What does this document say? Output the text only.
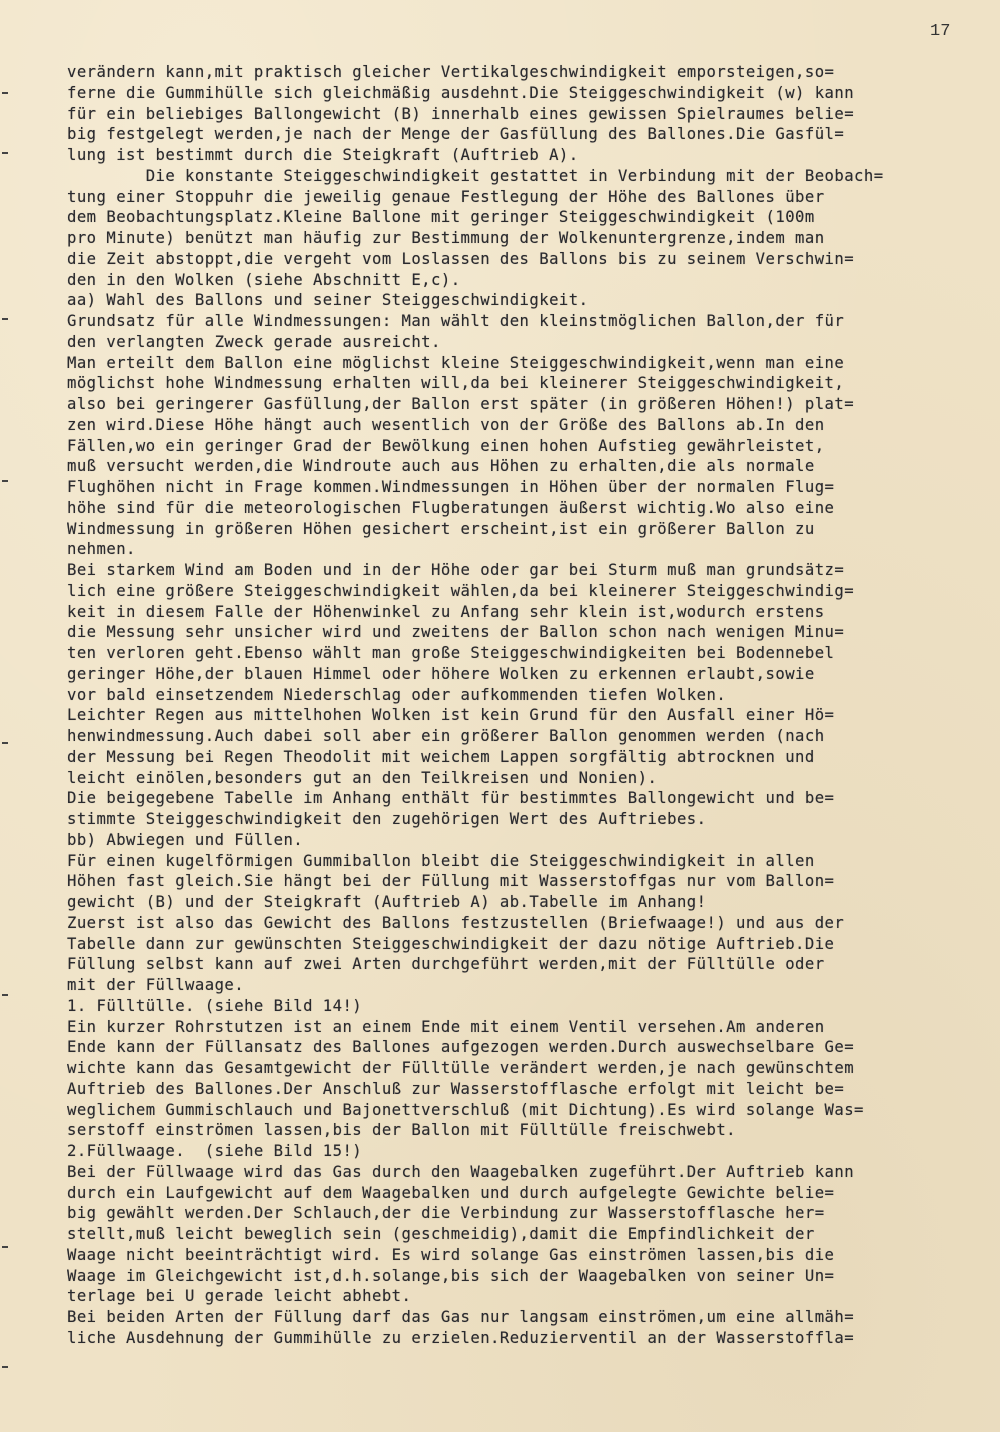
17
verändern kann,mit praktisch gleicher Vertikalgeschwindigkeit emporsteigen,so=
ferne die Gummihülle sich gleichmäßig ausdehnt.Die Steiggeschwindigkeit (w) kann
für ein beliebiges Ballongewicht (B) innerhalb eines gewissen Spielraumes belie=
big festgelegt werden,je nach der Menge der Gasfüllung des Ballones.Die Gasfül=
lung ist bestimmt durch die Steigkraft (Auftrieb A).
Die konstante Steiggeschwindigkeit gestattet in Verbindung mit der Beobach=
tung einer Stoppuhr die jeweilig genaue Festlegung der Höhe des Ballones über
dem Beobachtungsplatz.Kleine Ballone mit geringer Steiggeschwindigkeit (100m
pro Minute) benützt man häufig zur Bestimmung der Wolkenuntergrenze,indem man
die Zeit abstoppt,die vergeht vom Loslassen des Ballons bis zu seinem Verschwin=
den in den Wolken (siehe Abschnitt E,c).
aa) Wahl des Ballons und seiner Steiggeschwindigkeit.
Grundsatz für alle Windmessungen: Man wählt den kleinstmöglichen Ballon,der für
den verlangten Zweck gerade ausreicht.
Man erteilt dem Ballon eine möglichst kleine Steiggeschwindigkeit,wenn man eine
möglichst hohe Windmessung erhalten will,da bei kleinerer Steiggeschwindigkeit,
also bei geringerer Gasfüllung,der Ballon erst später (in größeren Höhen!) plat=
zen wird.Diese Höhe hängt auch wesentlich von der Größe des Ballons ab.In den
Fällen,wo ein geringer Grad der Bewölkung einen hohen Aufstieg gewährleistet,
muß versucht werden,die Windroute auch aus Höhen zu erhalten,die als normale
Flughöhen nicht in Frage kommen.Windmessungen in Höhen über der normalen Flug=
höhe sind für die meteorologischen Flugberatungen äußerst wichtig.Wo also eine
Windmessung in größeren Höhen gesichert erscheint,ist ein größerer Ballon zu
nehmen.
Bei starkem Wind am Boden und in der Höhe oder gar bei Sturm muß man grundsätz=
lich eine größere Steiggeschwindigkeit wählen,da bei kleinerer Steiggeschwindig=
keit in diesem Falle der Höhenwinkel zu Anfang sehr klein ist,wodurch erstens
die Messung sehr unsicher wird und zweitens der Ballon schon nach wenigen Minu=
ten verloren geht.Ebenso wählt man große Steiggeschwindigkeiten bei Bodennebel
geringer Höhe,der blauen Himmel oder höhere Wolken zu erkennen erlaubt,sowie
vor bald einsetzendem Niederschlag oder aufkommenden tiefen Wolken.
Leichter Regen aus mittelhohen Wolken ist kein Grund für den Ausfall einer Hö=
henwindmessung.Auch dabei soll aber ein größerer Ballon genommen werden (nach
der Messung bei Regen Theodolit mit weichem Lappen sorgfältig abtrocknen und
leicht einölen,besonders gut an den Teilkreisen und Nonien).
Die beigegebene Tabelle im Anhang enthält für bestimmtes Ballongewicht und be=
stimmte Steiggeschwindigkeit den zugehörigen Wert des Auftriebes.
bb) Abwiegen und Füllen.
Für einen kugelförmigen Gummiballon bleibt die Steiggeschwindigkeit in allen
Höhen fast gleich.Sie hängt bei der Füllung mit Wasserstoffgas nur vom Ballon=
gewicht (B) und der Steigkraft (Auftrieb A) ab.Tabelle im Anhang!
Zuerst ist also das Gewicht des Ballons festzustellen (Briefwaage!) und aus der
Tabelle dann zur gewünschten Steiggeschwindigkeit der dazu nötige Auftrieb.Die
Füllung selbst kann auf zwei Arten durchgeführt werden,mit der Fülltülle oder
mit der Füllwaage.
1. Fülltülle. (siehe Bild 14!)
Ein kurzer Rohrstutzen ist an einem Ende mit einem Ventil versehen.Am anderen
Ende kann der Füllansatz des Ballones aufgezogen werden.Durch auswechselbare Ge=
wichte kann das Gesamtgewicht der Fülltülle verändert werden,je nach gewünschtem
Auftrieb des Ballones.Der Anschluß zur Wasserstofflasche erfolgt mit leicht be=
weglichem Gummischlauch und Bajonettverschluß (mit Dichtung).Es wird solange Was=
serstoff einströmen lassen,bis der Ballon mit Fülltülle freischwebt.
2.Füllwaage.  (siehe Bild 15!)
Bei der Füllwaage wird das Gas durch den Waagebalken zugeführt.Der Auftrieb kann
durch ein Laufgewicht auf dem Waagebalken und durch aufgelegte Gewichte belie=
big gewählt werden.Der Schlauch,der die Verbindung zur Wasserstofflasche her=
stellt,muß leicht beweglich sein (geschmeidig),damit die Empfindlichkeit der
Waage nicht beeinträchtigt wird. Es wird solange Gas einströmen lassen,bis die
Waage im Gleichgewicht ist,d.h.solange,bis sich der Waagebalken von seiner Un=
terlage bei U gerade leicht abhebt.
Bei beiden Arten der Füllung darf das Gas nur langsam einströmen,um eine allmäh=
liche Ausdehnung der Gummihülle zu erzielen.Reduzierventil an der Wasserstoffla=
